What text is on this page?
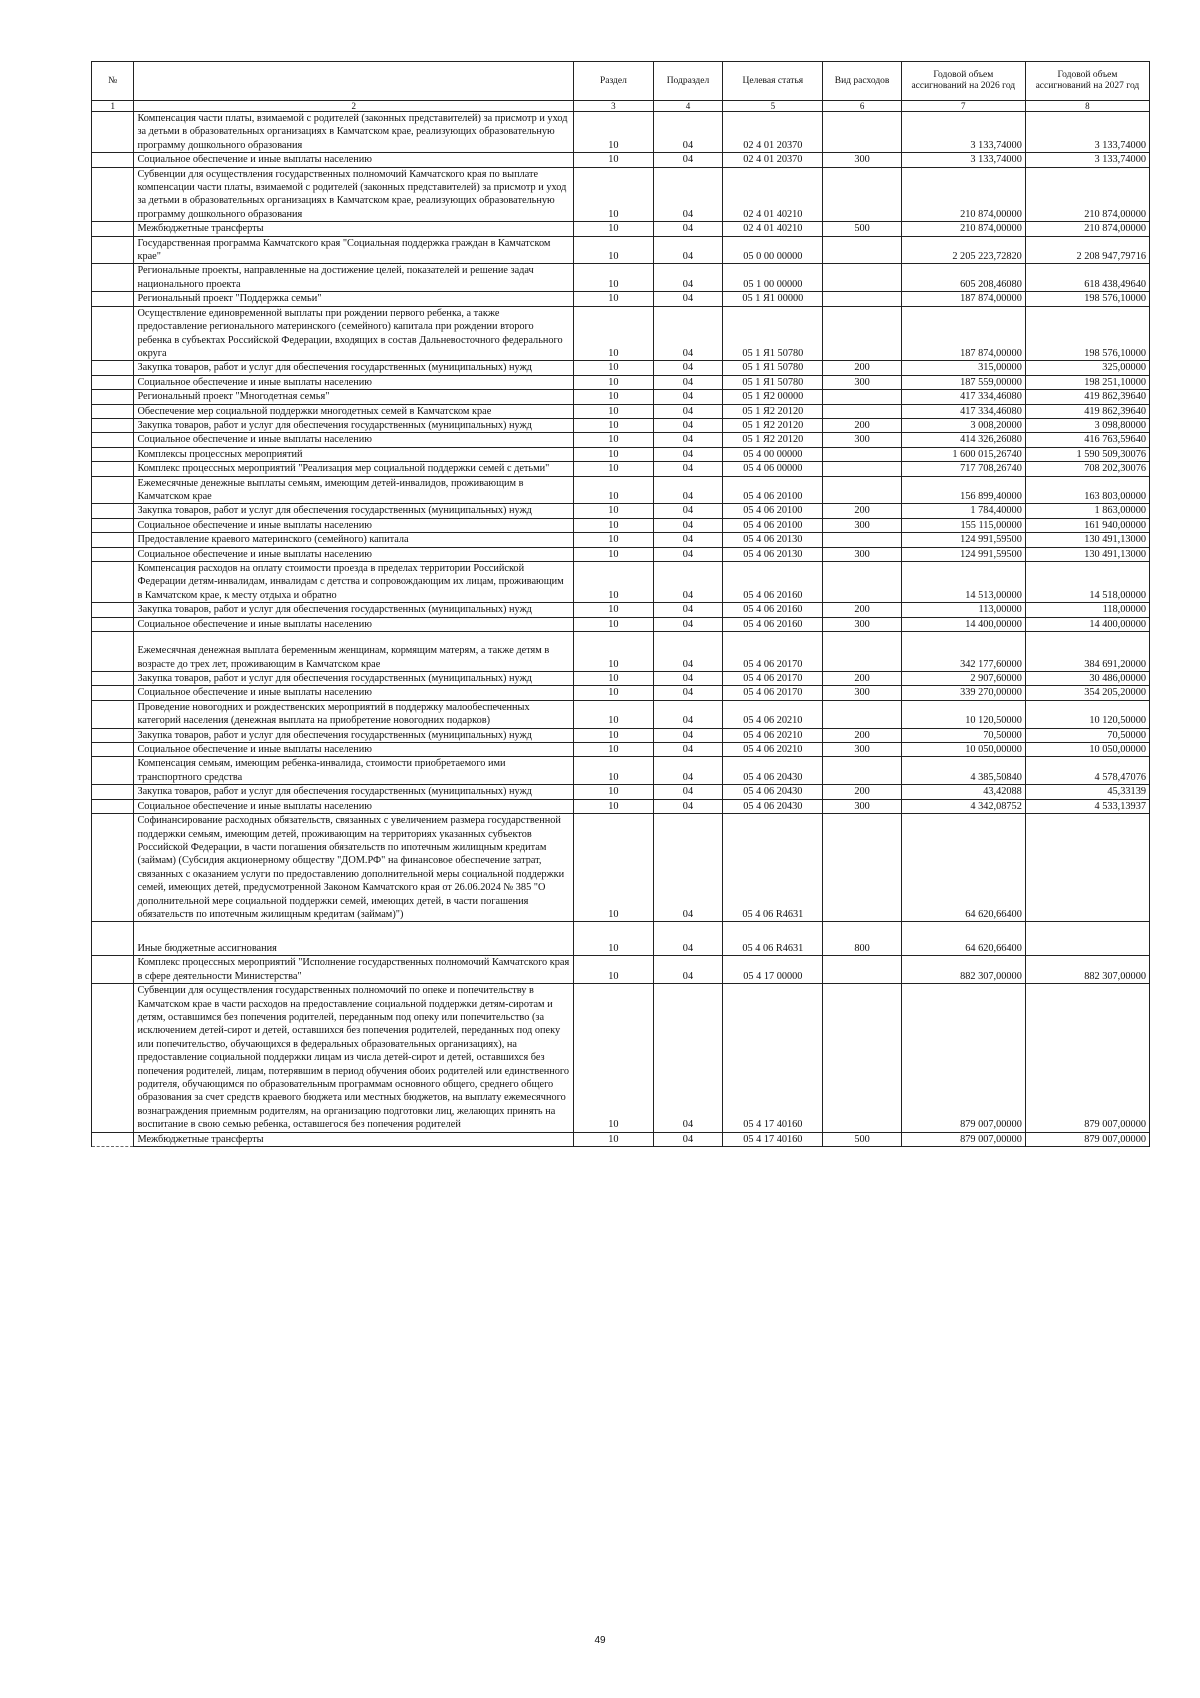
№		Раздел	Подраздел	Целевая статья	Вид расходов	Годовой объем ассигнований на 2026 год	Годовой объем ассигнований на 2027 год
1	2	3	4	5	6	7	8
	Компенсация части платы, взимаемой с родителей (законных представителей) за присмотр и уход за детьми в образовательных организациях в Камчатском крае, реализующих образовательную программу дошкольного образования	10	04	02 4 01 20370		3 133,74000	3 133,74000
	Социальное обеспечение и иные выплаты населению	10	04	02 4 01 20370	300	3 133,74000	3 133,74000
	Субвенции для осуществления государственных полномочий Камчатского края по выплате компенсации части платы, взимаемой с родителей (законных представителей) за присмотр и уход за детьми в образовательных организациях в Камчатском крае, реализующих образовательную программу дошкольного образования	10	04	02 4 01 40210		210 874,00000	210 874,00000
	Межбюджетные трансферты	10	04	02 4 01 40210	500	210 874,00000	210 874,00000
	Государственная программа Камчатского края "Социальная поддержка граждан в Камчатском крае"	10	04	05 0 00 00000		2 205 223,72820	2 208 947,79716
	Региональные проекты, направленные на достижение целей, показателей и решение задач национального проекта	10	04	05 1 00 00000		605 208,46080	618 438,49640
	Региональный проект "Поддержка семьи"	10	04	05 1 Я1 00000		187 874,00000	198 576,10000
	Осуществление единовременной выплаты при рождении первого ребенка, а также предоставление регионального материнского (семейного) капитала при рождении второго ребенка в субъектах Российской Федерации, входящих в состав Дальневосточного федерального округа	10	04	05 1 Я1 50780		187 874,00000	198 576,10000
	Закупка товаров, работ и услуг для обеспечения государственных (муниципальных) нужд	10	04	05 1 Я1 50780	200	315,00000	325,00000
	Социальное обеспечение и иные выплаты населению	10	04	05 1 Я1 50780	300	187 559,00000	198 251,10000
	Региональный проект "Многодетная семья"	10	04	05 1 Я2 00000		417 334,46080	419 862,39640
	Обеспечение мер социальной поддержки многодетных семей в Камчатском крае	10	04	05 1 Я2 20120		417 334,46080	419 862,39640
	Закупка товаров, работ и услуг для обеспечения государственных (муниципальных) нужд	10	04	05 1 Я2 20120	200	3 008,20000	3 098,80000
	Социальное обеспечение и иные выплаты населению	10	04	05 1 Я2 20120	300	414 326,26080	416 763,59640
	Комплексы процессных мероприятий	10	04	05 4 00 00000		1 600 015,26740	1 590 509,30076
	Комплекс процессных мероприятий "Реализация мер социальной поддержки семей с детьми"	10	04	05 4 06 00000		717 708,26740	708 202,30076
	Ежемесячные денежные выплаты семьям, имеющим детей-инвалидов, проживающим в Камчатском крае	10	04	05 4 06 20100		156 899,40000	163 803,00000
	Закупка товаров, работ и услуг для обеспечения государственных (муниципальных) нужд	10	04	05 4 06 20100	200	1 784,40000	1 863,00000
	Социальное обеспечение и иные выплаты населению	10	04	05 4 06 20100	300	155 115,00000	161 940,00000
	Предоставление краевого материнского (семейного) капитала	10	04	05 4 06 20130		124 991,59500	130 491,13000
	Социальное обеспечение и иные выплаты населению	10	04	05 4 06 20130	300	124 991,59500	130 491,13000
	Компенсация расходов на оплату стоимости проезда в пределах территории Российской Федерации детям-инвалидам, инвалидам с детства и сопровождающим их лицам, проживающим в Камчатском крае, к месту отдыха и обратно	10	04	05 4 06 20160		14 513,00000	14 518,00000
	Закупка товаров, работ и услуг для обеспечения государственных (муниципальных) нужд	10	04	05 4 06 20160	200	113,00000	118,00000
	Социальное обеспечение и иные выплаты населению	10	04	05 4 06 20160	300	14 400,00000	14 400,00000
	Ежемесячная денежная выплата беременным женщинам, кормящим матерям, а также детям в возрасте до трех лет, проживающим в Камчатском крае	10	04	05 4 06 20170		342 177,60000	384 691,20000
	Закупка товаров, работ и услуг для обеспечения государственных (муниципальных) нужд	10	04	05 4 06 20170	200	2 907,60000	30 486,00000
	Социальное обеспечение и иные выплаты населению	10	04	05 4 06 20170	300	339 270,00000	354 205,20000
	Проведение новогодних и рождественских мероприятий в поддержку малообеспеченных категорий населения (денежная выплата на приобретение новогодних подарков)	10	04	05 4 06 20210		10 120,50000	10 120,50000
	Закупка товаров, работ и услуг для обеспечения государственных (муниципальных) нужд	10	04	05 4 06 20210	200	70,50000	70,50000
	Социальное обеспечение и иные выплаты населению	10	04	05 4 06 20210	300	10 050,00000	10 050,00000
	Компенсация семьям, имеющим ребенка-инвалида, стоимости приобретаемого ими транспортного средства	10	04	05 4 06 20430		4 385,50840	4 578,47076
	Закупка товаров, работ и услуг для обеспечения государственных (муниципальных) нужд	10	04	05 4 06 20430	200	43,42088	45,33139
	Социальное обеспечение и иные выплаты населению	10	04	05 4 06 20430	300	4 342,08752	4 533,13937
	Софинансирование расходных обязательств, связанных с увеличением размера государственной поддержки семьям, имеющим детей, проживающим на территориях указанных субъектов Российской Федерации, в части погашения обязательств по ипотечным жилищным кредитам (займам) (Субсидия акционерному обществу "ДОМ.РФ" на финансовое обеспечение затрат, связанных с оказанием услуги по предоставлению дополнительной меры социальной поддержки семей, имеющих детей, предусмотренной Законом Камчатского края от 26.06.2024 № 385 "О дополнительной мере социальной поддержки семей, имеющих детей, в части погашения обязательств по ипотечным жилищным кредитам (займам)")	10	04	05 4 06 R4631		64 620,66400	
	Иные бюджетные ассигнования	10	04	05 4 06 R4631	800	64 620,66400	
	Комплекс процессных мероприятий "Исполнение государственных полномочий Камчатского края в сфере деятельности Министерства"	10	04	05 4 17 00000		882 307,00000	882 307,00000
	Субвенции для осуществления государственных полномочий по опеке и попечительству в Камчатском крае в части расходов на предоставление социальной поддержки детям-сиротам и детям, оставшимся без попечения родителей, переданным под опеку или попечительство (за исключением детей-сирот и детей, оставшихся без попечения родителей, переданных под опеку или попечительство, обучающихся в федеральных образовательных организациях), на предоставление социальной поддержки лицам из числа детей-сирот и детей, оставшихся без попечения родителей, лицам, потерявшим в период обучения обоих родителей или единственного родителя, обучающимся по образовательным программам основного общего, среднего общего образования за счет средств краевого бюджета или местных бюджетов, на выплату ежемесячного вознаграждения приемным родителям, на организацию подготовки лиц, желающих принять на воспитание в свою семью ребенка, оставшегося без попечения родителей	10	04	05 4 17 40160		879 007,00000	879 007,00000
	Межбюджетные трансферты	10	04	05 4 17 40160	500	879 007,00000	879 007,00000
49
